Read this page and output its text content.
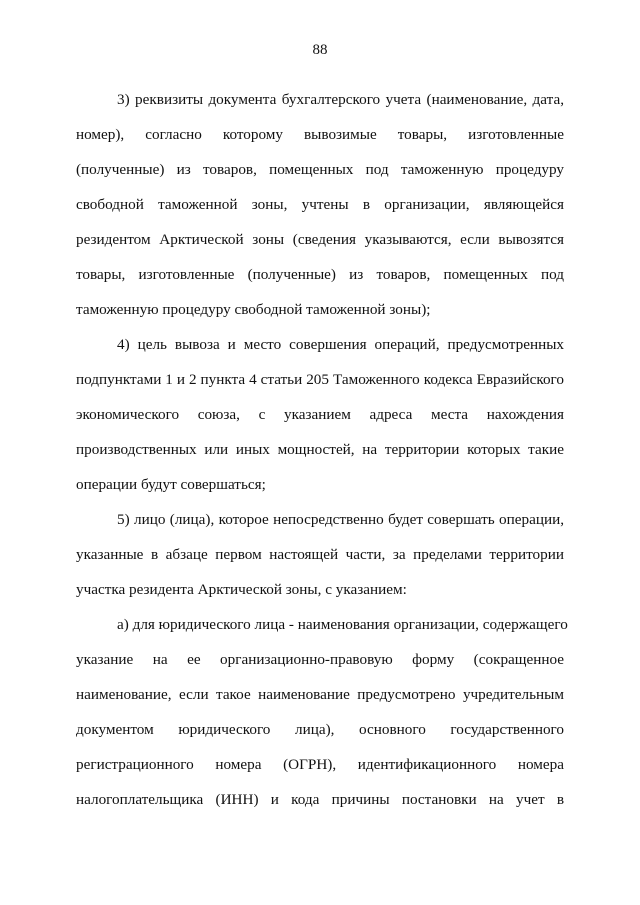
88
3) реквизиты документа бухгалтерского учета (наименование, дата,
номер), согласно которому вывозимые товары, изготовленные
(полученные) из товаров, помещенных под таможенную процедуру
свободной таможенной зоны, учтены в организации, являющейся
резидентом Арктической зоны (сведения указываются, если вывозятся
товары, изготовленные (полученные) из товаров, помещенных под
таможенную процедуру свободной таможенной зоны);
4) цель вывоза и место совершения операций, предусмотренных
подпунктами 1 и 2 пункта 4 статьи 205 Таможенного кодекса Евразийского
экономического союза, с указанием адреса места нахождения
производственных или иных мощностей, на территории которых такие
операции будут совершаться;
5) лицо (лица), которое непосредственно будет совершать операции,
указанные в абзаце первом настоящей части, за пределами территории
участка резидента Арктической зоны, с указанием:
а) для юридического лица - наименования организации, содержащего
указание на ее организационно-правовую форму (сокращенное
наименование, если такое наименование предусмотрено учредительным
документом юридического лица), основного государственного
регистрационного номера (ОГРН), идентификационного номера
налогоплательщика (ИНН) и кода причины постановки на учет в
